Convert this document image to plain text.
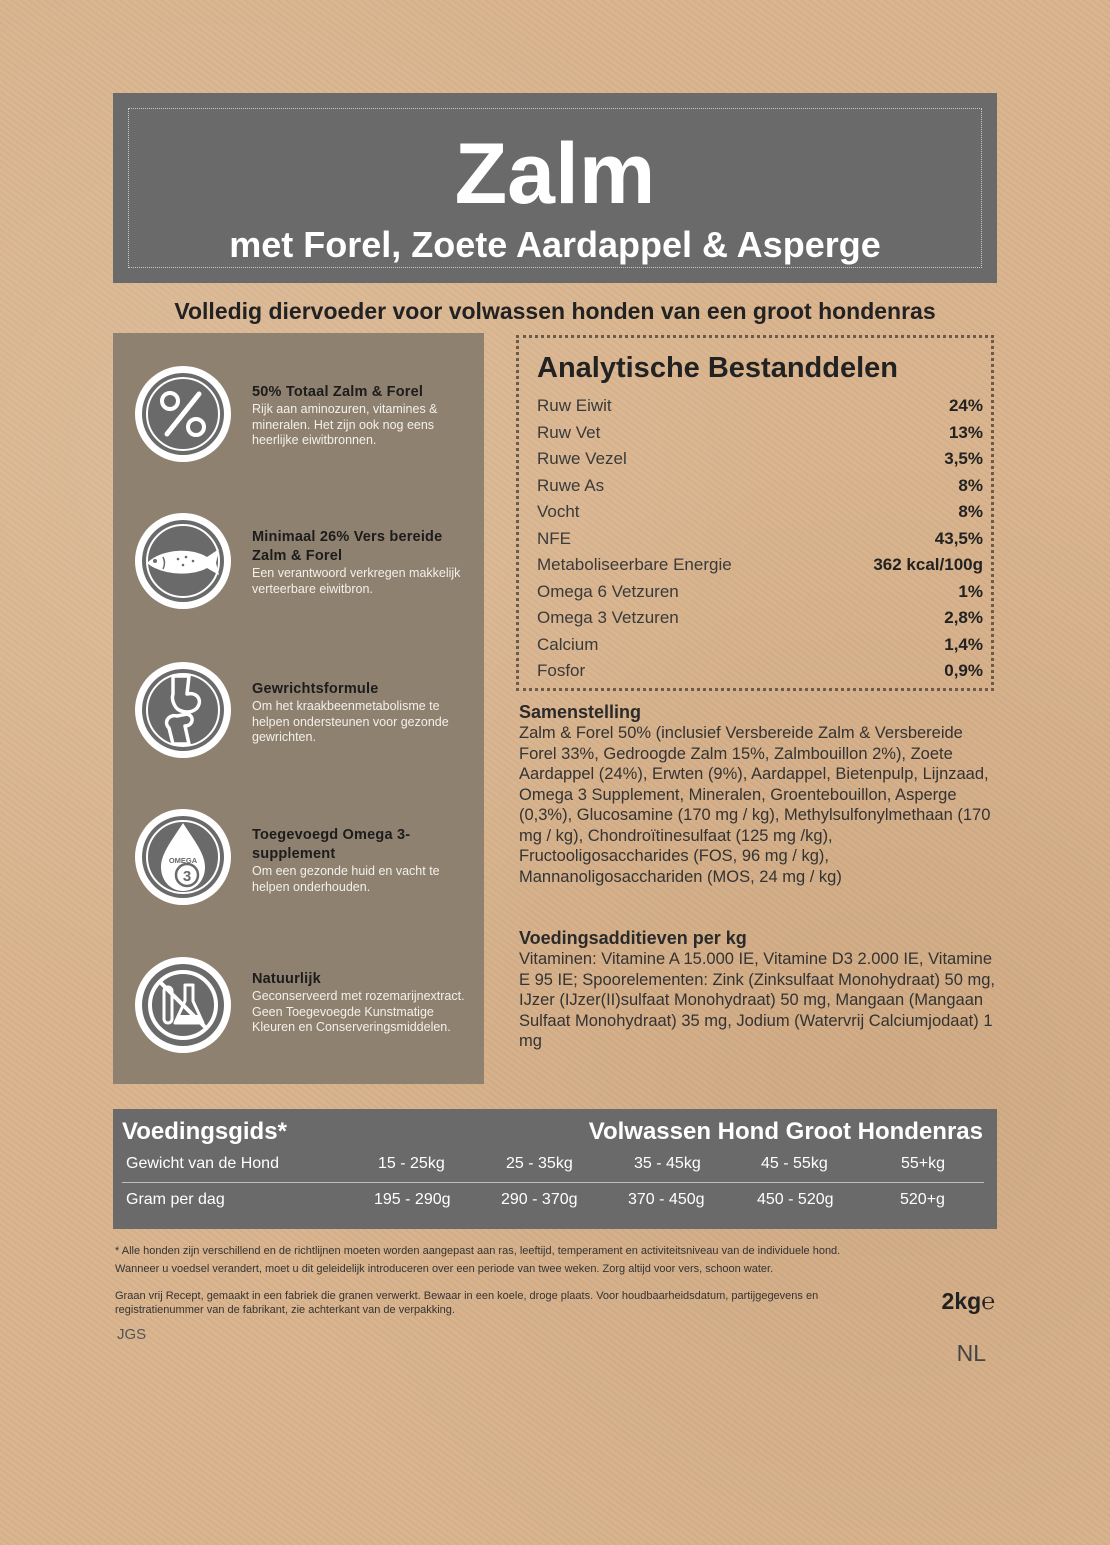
Zalm
met Forel, Zoete Aardappel & Asperge
Volledig diervoeder voor volwassen honden van een groot hondenras
50% Totaal Zalm & Forel
Rijk aan aminozuren, vitamines & mineralen. Het zijn ook nog eens heerlijke eiwitbronnen.
Minimaal 26% Vers bereide Zalm & Forel
Een verantwoord verkregen makkelijk verteerbare eiwitbron.
Gewrichtsformule
Om het kraakbeenmetabolisme te helpen ondersteunen voor gezonde gewrichten.
OMEGA
3
Toegevoegd Omega 3-supplement
Om een gezonde huid en vacht te helpen onderhouden.
Natuurlijk
Geconserveerd met rozemarijnextract. Geen Toegevoegde Kunstmatige Kleuren en Conserveringsmiddelen.
Analytische Bestanddelen
Ruw Eiwit	24%
Ruw Vet	13%
Ruwe Vezel	3,5%
Ruwe As	8%
Vocht	8%
NFE	43,5%
Metaboliseerbare Energie	362 kcal/100g
Omega 6 Vetzuren	1%
Omega 3 Vetzuren	2,8%
Calcium	1,4%
Fosfor	0,9%
Samenstelling
Zalm & Forel 50% (inclusief Versbereide Zalm & Versbereide Forel 33%, Gedroogde Zalm 15%, Zalmbouillon 2%), Zoete Aardappel (24%), Erwten (9%), Aardappel, Bietenpulp, Lijnzaad, Omega 3 Supplement, Mineralen, Groentebouillon, Asperge (0,3%), Glucosamine (170 mg / kg), Methylsulfonylmethaan (170 mg / kg), Chondroïtinesulfaat (125 mg /kg), Fructooligosaccharides (FOS, 96 mg / kg), Mannanoligosacchariden (MOS, 24 mg / kg)
Voedingsadditieven per kg
Vitaminen: Vitamine A 15.000 IE, Vitamine D3 2.000 IE, Vitamine E 95 IE; Spoorelementen: Zink (Zinksulfaat Monohydraat) 50 mg, IJzer (IJzer(II)sulfaat Monohydraat) 50 mg, Mangaan (Mangaan Sulfaat Monohydraat) 35 mg, Jodium (Watervrij Calciumjodaat) 1 mg
Voedingsgids*	Volwassen Hond Groot Hondenras
Gewicht van de Hond	15 - 25kg	25 - 35kg	35 - 45kg	45 - 55kg	55+kg
Gram per dag	195 - 290g	290 - 370g	370 - 450g	450 - 520g	520+g
* Alle honden zijn verschillend en de richtlijnen moeten worden aangepast aan ras, leeftijd, temperament en activiteitsniveau van de individuele hond.
Wanneer u voedsel verandert, moet u dit geleidelijk introduceren over een periode van twee weken. Zorg altijd voor vers, schoon water.
Graan vrij Recept, gemaakt in een fabriek die granen verwerkt. Bewaar in een koele, droge plaats. Voor houdbaarheidsdatum, partijgegevens en registratienummer van de fabrikant, zie achterkant van de verpakking.	2kg℮
JGS
NL
